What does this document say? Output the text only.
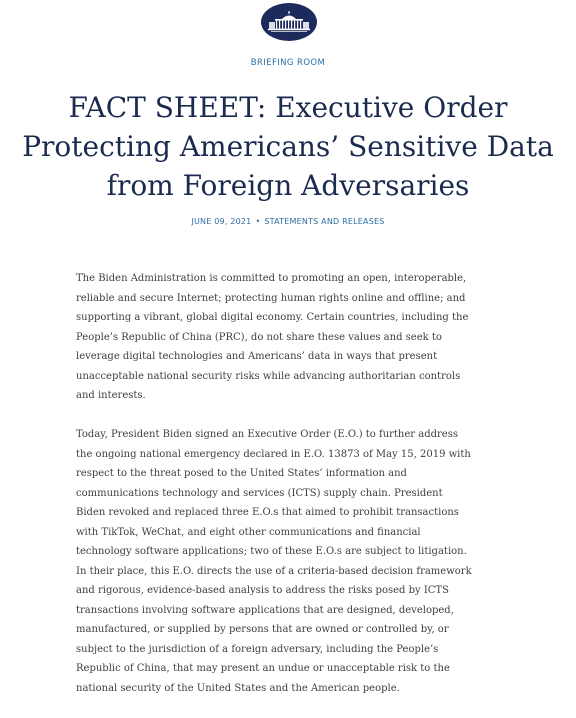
BRIEFING ROOM
FACT SHEET: Executive Order
Protecting Americans’ Sensitive Data
from Foreign Adversaries
JUNE 09, 2021 • STATEMENTS AND RELEASES

The Biden Administration is committed to promoting an open, interoperable,
reliable and secure Internet; protecting human rights online and offline; and
supporting a vibrant, global digital economy. Certain countries, including the
People’s Republic of China (PRC), do not share these values and seek to
leverage digital technologies and Americans’ data in ways that present
unacceptable national security risks while advancing authoritarian controls
and interests.

Today, President Biden signed an Executive Order (E.O.) to further address
the ongoing national emergency declared in E.O. 13873 of May 15, 2019 with
respect to the threat posed to the United States’ information and
communications technology and services (ICTS) supply chain. President
Biden revoked and replaced three E.O.s that aimed to prohibit transactions
with TikTok, WeChat, and eight other communications and financial
technology software applications; two of these E.O.s are subject to litigation.
In their place, this E.O. directs the use of a criteria-based decision framework
and rigorous, evidence-based analysis to address the risks posed by ICTS
transactions involving software applications that are designed, developed,
manufactured, or supplied by persons that are owned or controlled by, or
subject to the jurisdiction of a foreign adversary, including the People’s
Republic of China, that may present an undue or unacceptable risk to the
national security of the United States and the American people.
